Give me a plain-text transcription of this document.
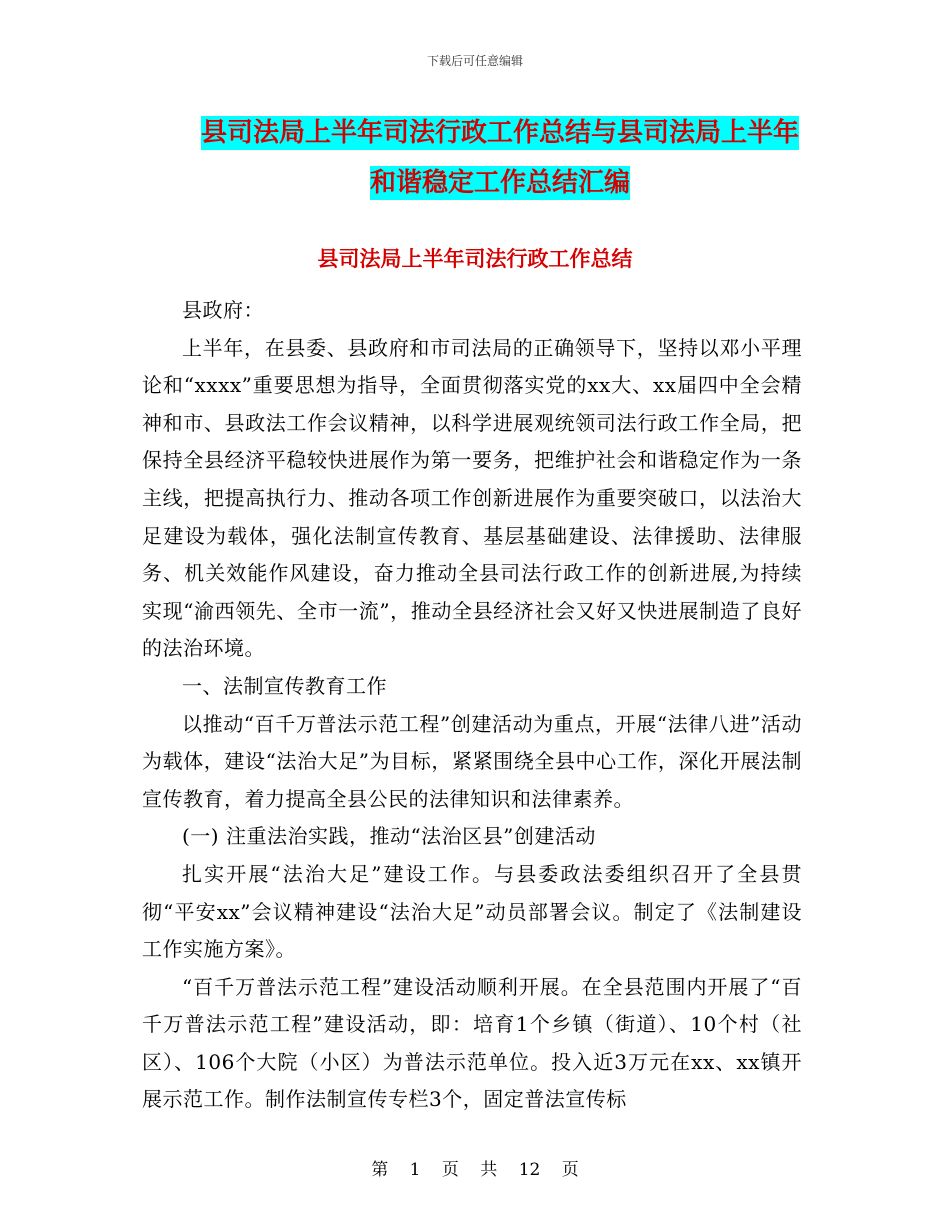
下载后可任意编辑
县司法局上半年司法行政工作总结与县司法局上半年
和谐稳定工作总结汇编
县司法局上半年司法行政工作总结

县政府：

上半年，在县委、县政府和市司法局的正确领导下，坚持以邓小平理论和“xxxx”重要思想为指导，全面贯彻落实党的xx大、xx届四中全会精神和市、县政法工作会议精神，以科学进展观统领司法行政工作全局，把保持全县经济平稳较快进展作为第一要务，把维护社会和谐稳定作为一条主线，把提高执行力、推动各项工作创新进展作为重要突破口，以法治大足建设为载体，强化法制宣传教育、基层基础建设、法律援助、法律服务、机关效能作风建设，奋力推动全县司法行政工作的创新进展,为持续实现“渝西领先、全市一流”，推动全县经济社会又好又快进展制造了良好的法治环境。

一、法制宣传教育工作

以推动“百千万普法示范工程”创建活动为重点，开展“法律八进”活动为载体，建设“法治大足”为目标，紧紧围绕全县中心工作，深化开展法制宣传教育，着力提高全县公民的法律知识和法律素养。

(一) 注重法治实践，推动“法治区县”创建活动

扎实开展“法治大足”建设工作。与县委政法委组织召开了全县贯彻“平安xx”会议精神建设“法治大足”动员部署会议。制定了《法制建设工作实施方案》。

“百千万普法示范工程”建设活动顺利开展。在全县范围内开展了“百千万普法示范工程”建设活动，即：培育1个乡镇（街道）、10个村（社区）、106个大院（小区）为普法示范单位。投入近3万元在xx、xx镇开展示范工作。制作法制宣传专栏3个，固定普法宣传标

第 1 页 共 12 页
